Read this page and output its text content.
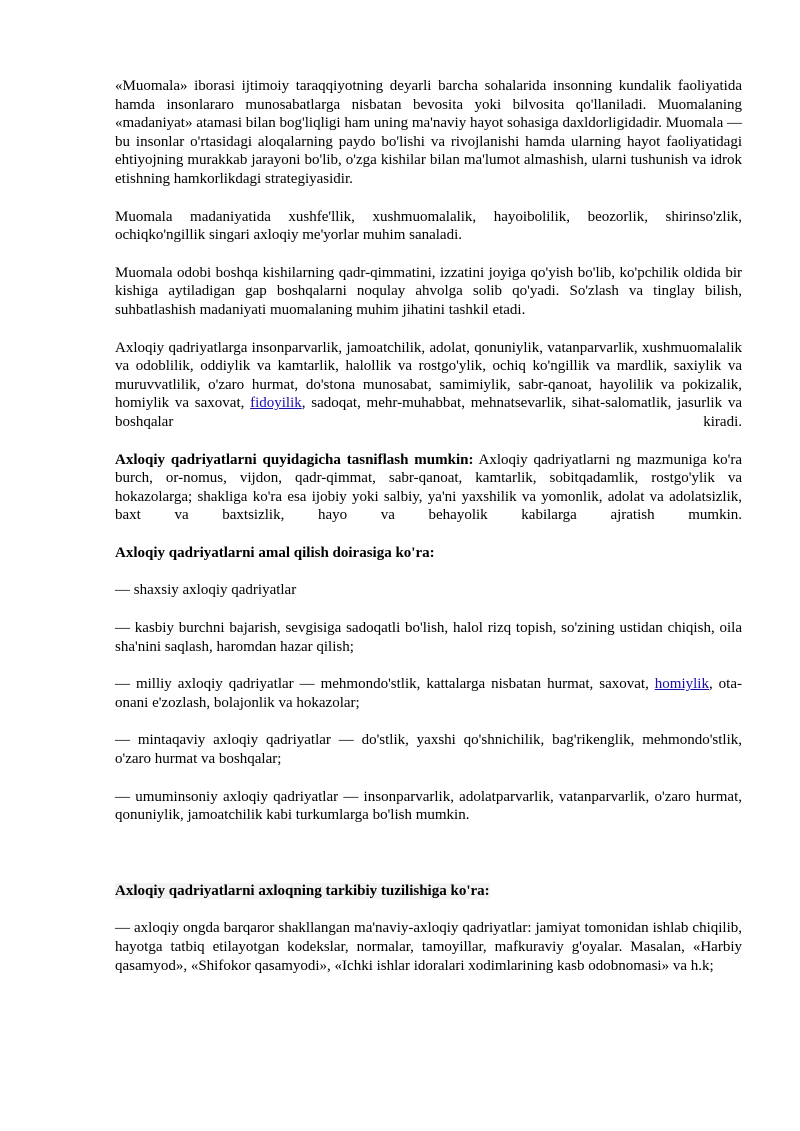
«Muomala» iborasi ijtimoiy taraqqiyotning deyarli barcha sohalarida insonning kundalik faoliyatida hamda insonlararo munosabatlarga nisbatan bevosita yoki bilvosita qo'llaniladi. Muomalaning «madaniyat» atamasi bilan bog'liqligi ham uning ma'naviy hayot sohasiga daxldorligidadir. Muomala — bu insonlar o'rtasidagi aloqalarning paydo bo'lishi va rivojlanishi hamda ularning hayot faoliyatidagi ehtiyojning murakkab jarayoni bo'lib, o'zga kishilar bilan ma'lumot almashish, ularni tushunish va idrok etishning hamkorlikdagi strategiyasidir.

Muomala madaniyatida xushfe'llik, xushmuomalalik, hayoibolilik, beozorlik, shirinso'zlik, ochiqko'ngillik singari axloqiy me'yorlar muhim sanaladi.

Muomala odobi boshqa kishilarning qadr-qimmatini, izzatini joyiga qo'yish bo'lib, ko'pchilik oldida bir kishiga aytiladigan gap boshqalarni noqulay ahvolga solib qo'yadi. So'zlash va tinglay bilish, suhbatlashish madaniyati muomalaning muhim jihatini tashkil etadi.

Axloqiy qadriyatlarga insonparvarlik, jamoatchilik, adolat, qonuniylik, vatanparvarlik, xushmuomalalik va odoblilik, oddiylik va kamtarlik, halollik va rostgo'ylik, ochiq ko'ngillik va mardlik, saxiylik va muruvvatlilik, o'zaro hurmat, do'stona munosabat, samimiylik, sabr-qanoat, hayolilik va pokizalik, homiylik va saxovat, fidoyilik, sadoqat, mehr-muhabbat, mehnatsevarlik, sihat-salomatlik, jasurlik va boshqalar kiradi.

Axloqiy qadriyatlarni quyidagicha tasniflash mumkin: Axloqiy qadriyatlarni ng mazmuniga ko'ra burch, or-nomus, vijdon, qadr-qimmat, sabr-qanoat, kamtarlik, sobitqadamlik, rostgo'ylik va hokazolarga; shakliga ko'ra esa ijobiy yoki salbiy, ya'ni yaxshilik va yomonlik, adolat va adolatsizlik, baxt va baxtsizlik, hayo va behayolik kabilarga ajratish mumkin.

Axloqiy qadriyatlarni amal qilish doirasiga ko'ra:
— shaxsiy axloqiy qadriyatlar

— kasbiy burchni bajarish, sevgisiga sadoqatli bo'lish, halol rizq topish, so'zining ustidan chiqish, oila sha'nini saqlash, haromdan hazar qilish;

— milliy axloqiy qadriyatlar — mehmondo'stlik, kattalarga nisbatan hurmat, saxovat, homiylik, ota-onani e'zozlash, bolajonlik va hokazolar;

— mintaqaviy axloqiy qadriyatlar — do'stlik, yaxshi qo'shnichilik, bag'rikenglik, mehmondo'stlik, o'zaro hurmat va boshqalar;

— umuminsoniy axloqiy qadriyatlar — insonparvarlik, adolatparvarlik, vatanparvarlik, o'zaro hurmat, qonuniylik, jamoatchilik kabi turkumlarga bo'lish mumkin.

Axloqiy qadriyatlarni axloqning tarkibiy tuzilishiga ko'ra:

— axloqiy ongda barqaror shakllangan ma'naviy-axloqiy qadriyatlar: jamiyat tomonidan ishlab chiqilib, hayotga tatbiq etilayotgan kodekslar, normalar, tamoyillar, mafkuraviy g'oyalar. Masalan, «Harbiy qasamyod», «Shifokor qasamyodi», «Ichki ishlar idoralari xodimlarining kasb odobnomasi» va h.k;
